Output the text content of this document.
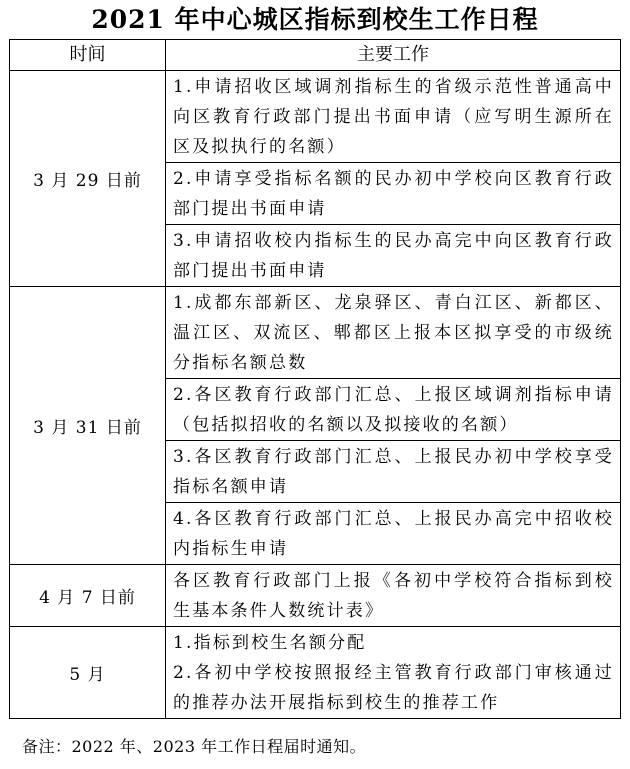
2021 年中心城区指标到校生工作日程
时间	主要工作
3 月 29 日前	1.申请招收区域调剂指标生的省级示范性普通高中向区教育行政部门提出书面申请（应写明生源所在区及拟执行的名额）
	2.申请享受指标名额的民办初中学校向区教育行政部门提出书面申请
	3.申请招收校内指标生的民办高完中向区教育行政部门提出书面申请
3 月 31 日前	1.成都东部新区、龙泉驿区、青白江区、新都区、温江区、双流区、郫都区上报本区拟享受的市级统分指标名额总数
	2.各区教育行政部门汇总、上报区域调剂指标申请（包括拟招收的名额以及拟接收的名额）
	3.各区教育行政部门汇总、上报民办初中学校享受指标名额申请
	4.各区教育行政部门汇总、上报民办高完中招收校内指标生申请
4 月 7 日前	各区教育行政部门上报《各初中学校符合指标到校生基本条件人数统计表》
5 月	1.指标到校生名额分配
2.各初中学校按照报经主管教育行政部门审核通过的推荐办法开展指标到校生的推荐工作
备注：2022 年、2023 年工作日程届时通知。
